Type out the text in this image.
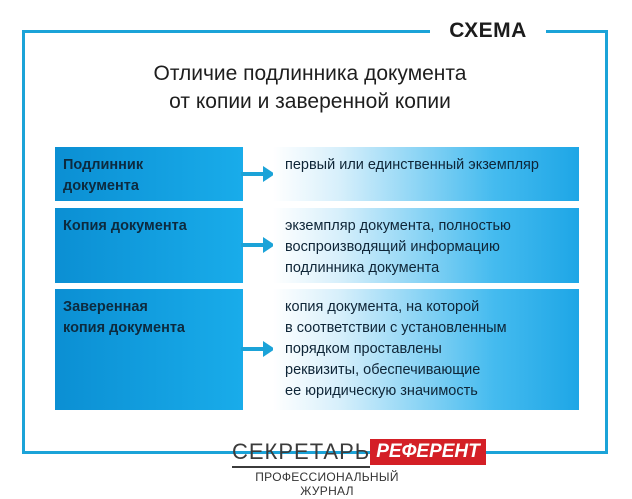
СХЕМА
Отличие подлинника документа
от копии и заверенной копии
Подлинник
документа
первый или единственный экземпляр
Копия документа	экземпляр документа, полностью
воспроизводящий информацию
подлинника документа
Заверенная
копия документа
копия документа, на которой
в соответствии с установленным
порядком проставлены
реквизиты, обеспечивающие
ее юридическую значимость
СЕКРЕТАРЬ РЕФЕРЕНТ
ПРОФЕССИОНАЛЬНЫЙ ЖУРНАЛ
